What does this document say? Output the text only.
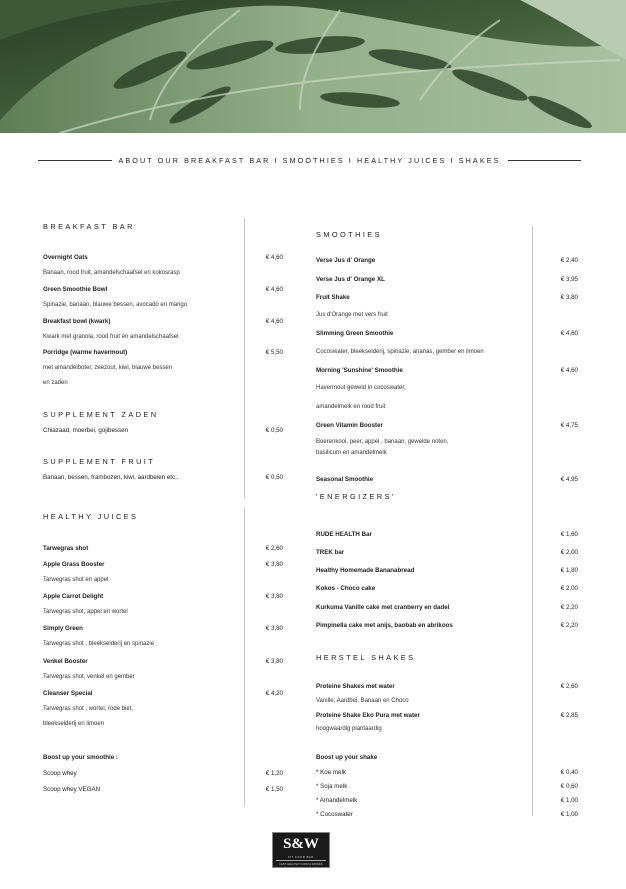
ABOUT OUR BREAKFAST BAR I SMOOTHIES I HEALTHY JUICES I SHAKES
BREAKFAST BAR
Overnight Oats	€ 4,60
Banaan, rood fruit, amandelschaafsel en kokosrasp
Green Smoothie Bowl	€ 4,60
Spinazie, banaan, blauwe bessen, avocado en mango
Breakfast bowl (kwark)	€ 4,60
Kwark met granola, rood fruit en amandelschaafsel
Porridge (warme havermout)	€ 5,50
met amandelboter, zeezout, kiwi, blauwe bessen
en zaden
SUPPLEMENT ZADEN
Chiazaad, moerbei, gojibessen	€ 0,50
SUPPLEMENT FRUIT
Banaan, bessen, frambozen, kiwi, aardbeien etc..	€ 0,50
HEALTHY JUICES
Tarwegras shot	€ 2,60
Apple Grass Booster	€ 3,80
Tarwegras shot en appel
Apple Carrot Delight	€ 3,80
Tarwegras shot, appel en wortel
Simply Green	€ 3,80
Tarwegras shot , bleekselderij en spinazie
Venkel Booster	€ 3,80
Tarwegras shot, venkel en gember
Cleanser Special	€ 4,20
Tarwegras shot , wortel, rode biet,
bleekselderij en limoen
Boost up your smoothie :
Scoop whey	€ 1,20
Scoop whey VEGAN	€ 1,50
SMOOTHIES
Verse Jus d' Orange	€ 2,40
Verse Jus d' Orange XL	€ 3,95
Fruit Shake	€ 3,80
Jus d'Orange met vers fruit
Slimming Green Smoothie	€ 4,60
Cocoswater, bleekselderij, spinazie, ananas, gember en limoen
Morning 'Sunshine' Smoothie	€ 4,60
Havermout geweld in cocoswater,
amandelmelk en rood fruit
Green Vitamin Booster	€ 4,75
Boerenkool, peer, appel , banaan, gewelde noten,
basilicum en amandelmelk
Seasonal Smoothie	€ 4,95
'ENERGIZERS'
RUDE HEALTH Bar	€ 1,60
TREK bar	€ 2,00
Healthy Homemade Bananabread	€ 1,80
Kokos - Choco cake	€ 2,00
Kurkuma Vanille cake met cranberry en dadel	€ 2,20
Pimpinella cake met anijs, baobab en abrikoos	€ 2,20
HERSTEL SHAKES
Proteine Shakes met water	€ 2,60
Vanille, Aardbei, Banaan en Choco
Proteine Shake Eko Pura met water	€ 2,85
hoogwaardig plantaardig
Boost up your shake
* Koe melk	€ 0,40
* Soja melk	€ 0,60
* Amandelmelk	€ 1,00
* Cocoswater	€ 1,00
S&W
FIT FOOD BAR
FAST HEALTHY FOOD & DRINKS
